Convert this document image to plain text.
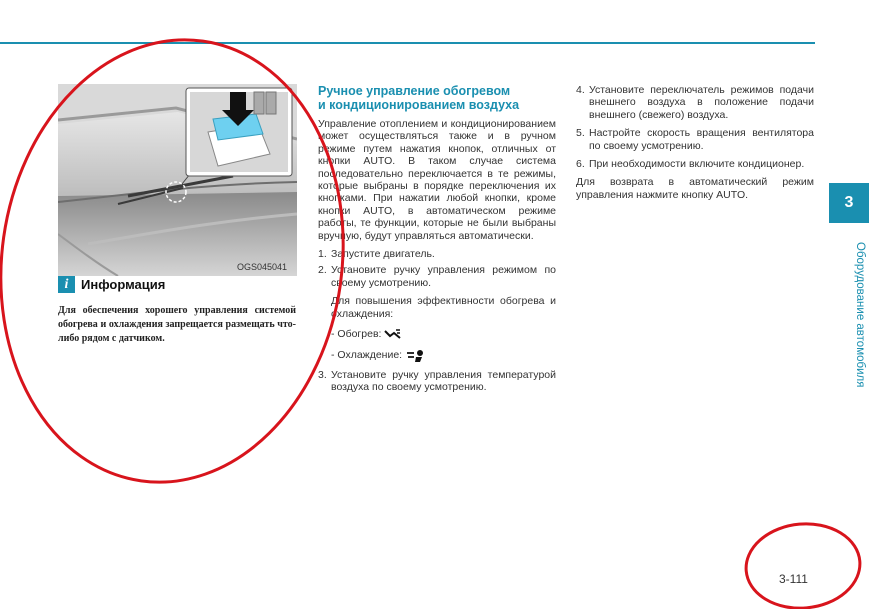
OGS045041
i Информация
Для обеспечения хорошего управления системой обогрева и охлаждения запрещается размещать что-либо рядом с датчиком.
Ручное управление обогревом
и кондиционированием воздуха
Управление отоплением и кондиционированием может осуществляться также и в ручном режиме путем нажатия кнопок, отличных от кнопки AUTO. В таком случае система последовательно переключается в те режимы, которые выбраны в порядке переключения их кнопками. При нажатии любой кнопки, кроме кнопки AUTO, в автоматическом режиме работы, те функции, которые не были выбраны вручную, будут управляться автоматически.
1. Запустите двигатель.
2. Установите ручку управления режимом по своему усмотрению.
Для повышения эффективности обогрева и охлаждения:
- Обогрев:
- Охлаждение:
3. Установите ручку управления температурой воздуха по своему усмотрению.
4. Установите переключатель режимов подачи внешнего воздуха в положение подачи внешнего (свежего) воздуха.
5. Настройте скорость вращения вентилятора по своему усмотрению.
6. При необходимости включите кондиционер.
Для возврата в автоматический режим управления нажмите кнопку AUTO.	3
Оборудование автомобиля
3-111
